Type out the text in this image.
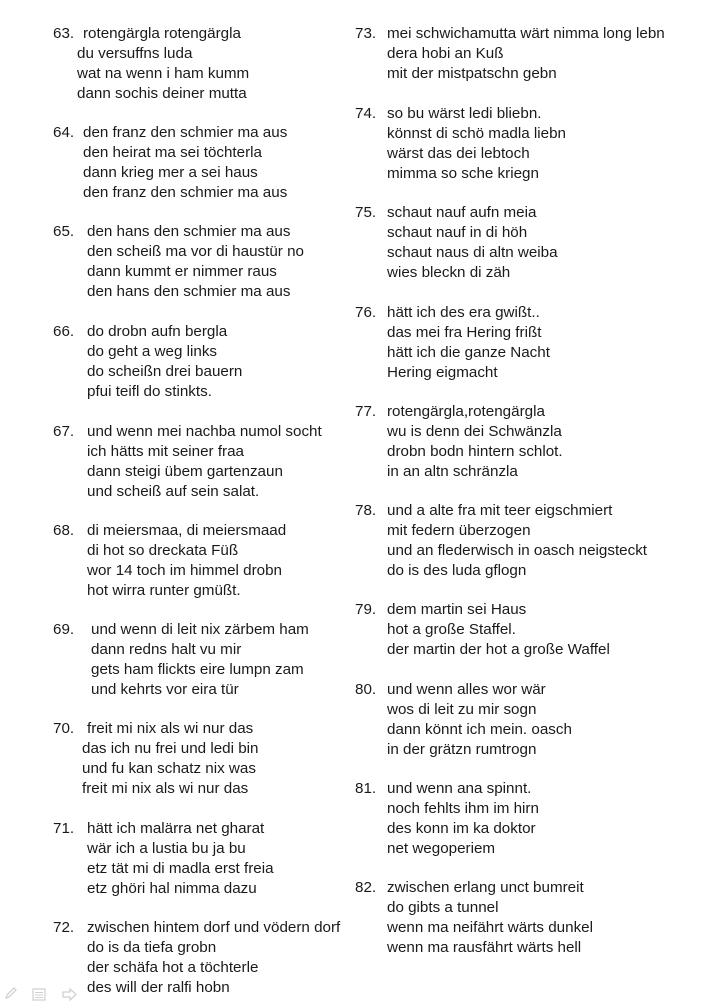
63. rotengärgla rotengärgla
du versuffns luda
wat na wenn i ham kumm
dann sochis deiner mutta
64. den franz den schmier ma aus
den heirat ma sei töchterla
dann krieg mer a sei haus
den franz den schmier ma aus
65. den hans den schmier ma aus
den scheiß ma vor di haustür no
dann kummt er nimmer raus
den hans den schmier ma aus
66. do drobn aufn bergla
do geht a weg links
do scheißn drei bauern
pfui teifl do stinkts.
67. und wenn mei nachba numol socht
ich hätts mit seiner fraa
dann steigi übem gartenzaun
und scheiß auf sein salat.
68. di meiersmaa, di meiersmaad
di hot so dreckata Füß
wor 14 toch im himmel drobn
hot wirra runter gmüßt.
69. und wenn di leit nix zärbem ham
dann redns halt vu mir
gets ham flickts eire lumpn zam
und kehrts vor eira tür
70. freit mi nix als wi nur das
das ich nu frei und ledi bin
und fu kan schatz nix was
freit mi nix als wi nur das
71. hätt ich malärra net gharat
wär ich a lustia bu ja bu
etz tät mi di madla erst freia
etz ghöri hal nimma dazu
72. zwischen hintem dorf und vödern dorf
do is da tiefa grobn
der schäfa hot a töchterle
des will der ralfi hobn
73. mei schwichamutta wärt nimma long lebn
dera hobi an Kuß
mit der mistpatschn gebn
74. so bu wärst ledi bliebn.
könnst di schö madla liebn
wärst das dei lebtoch
mimma so sche kriegn
75. schaut nauf aufn meia
schaut nauf in di höh
schaut naus di altn weiba
wies bleckn di zäh
76. hätt ich des era gwißt..
das mei fra Hering frißt
hätt ich die ganze Nacht
Hering eigmacht
77. rotengärgla,rotengärgla
wu is denn dei Schwänzla
drobn bodn hintern schlot.
in an altn schränzla
78. und a alte fra mit teer eigschmiert
mit federn überzogen
und an flederwisch in oasch neigsteckt
do is des luda gflogn
79. dem martin sei Haus
hot a große Staffel.
der martin der hot a große Waffel
80. und wenn alles wor wär
wos di leit zu mir sogn
dann könnt ich mein. oasch
in der grätzn rumtrogn
81. und wenn ana spinnt.
noch fehlts ihm im hirn
des konn im ka doktor
net wegoperiem
82. zwischen erlang unct bumreit
do gibts a tunnel
wenn ma neifährt wärts dunkel
wenn ma rausfährt wärts hell
